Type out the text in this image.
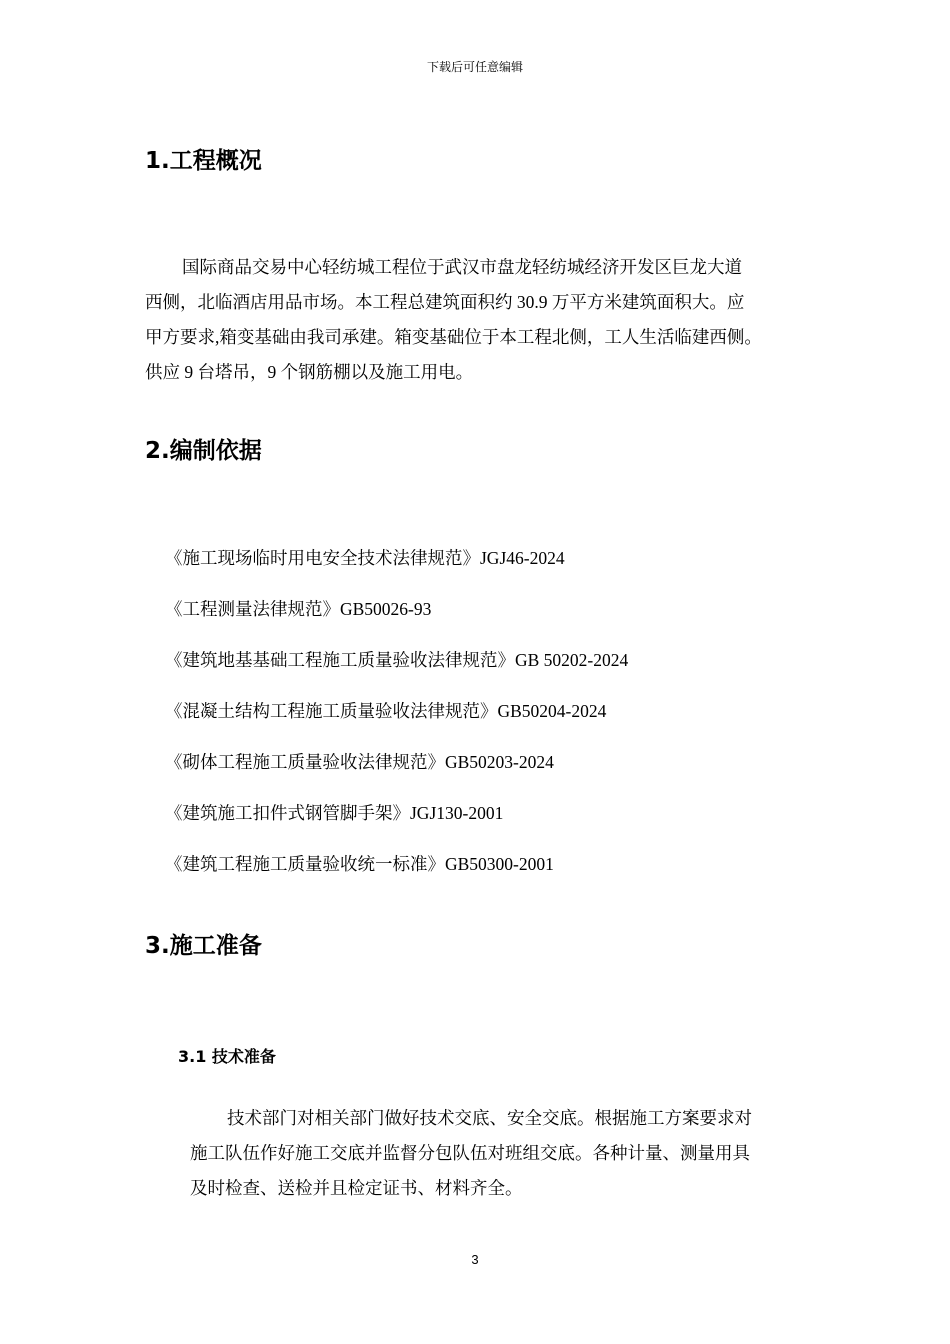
下载后可任意编辑
1.工程概况
国际商品交易中心轻纺城工程位于武汉市盘龙轻纺城经济开发区巨龙大道
西侧，北临酒店用品市场。本工程总建筑面积约 30.9 万平方米建筑面积大。应
甲方要求,箱变基础由我司承建。箱变基础位于本工程北侧，工人生活临建西侧。
供应 9 台塔吊，9 个钢筋棚以及施工用电。
2.编制依据
《施工现场临时用电安全技术法律规范》JGJ46-2024
《工程测量法律规范》GB50026-93
《建筑地基基础工程施工质量验收法律规范》GB 50202-2024
《混凝土结构工程施工质量验收法律规范》GB50204-2024
《砌体工程施工质量验收法律规范》GB50203-2024
《建筑施工扣件式钢管脚手架》JGJ130-2001
《建筑工程施工质量验收统一标准》GB50300-2001
3.施工准备
3.1 技术准备
技术部门对相关部门做好技术交底、安全交底。根据施工方案要求对
施工队伍作好施工交底并监督分包队伍对班组交底。各种计量、测量用具
及时检查、送检并且检定证书、材料齐全。
3
